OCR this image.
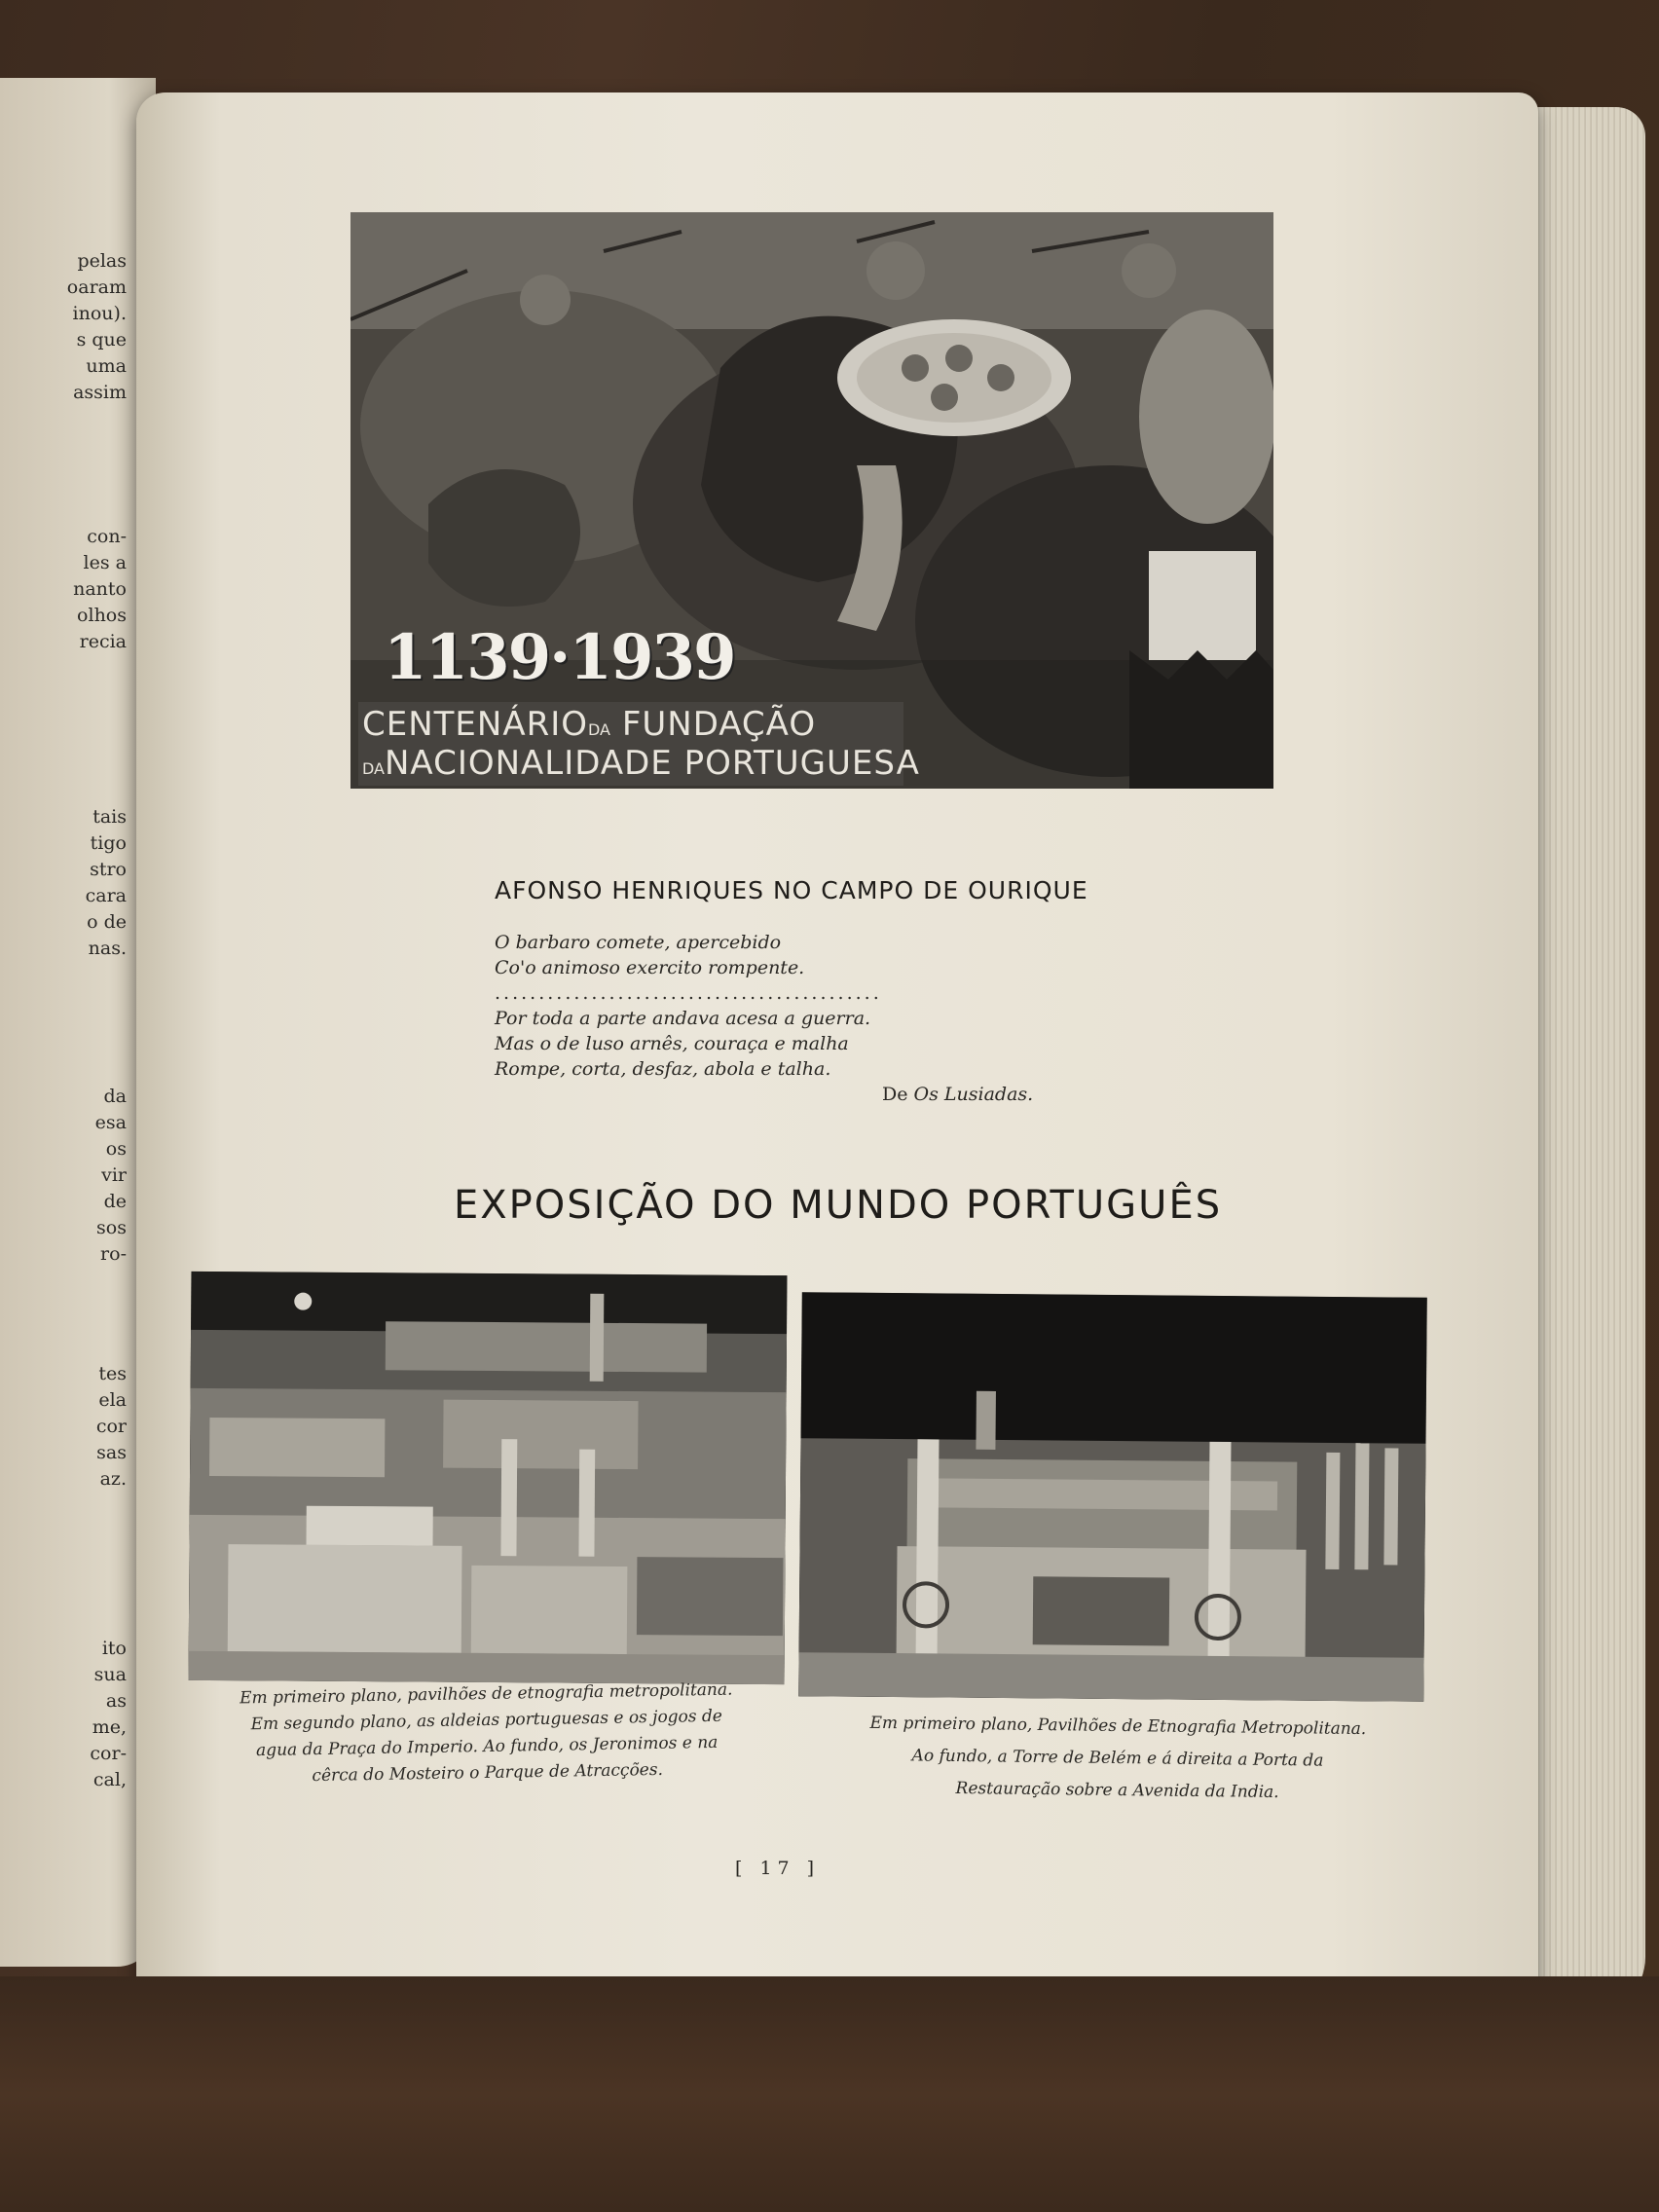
pelas
oaram
inou).
s que
uma
assim
con-
les a
nanto
olhos
recia
tais
tigo
stro
cara
o de
nas.
da
esa
os
vir
de
sos
ro-
tes
ela
cor
sas
az.
ito
sua
as
me,
cor-
cal,
1139·1939
CENTENÁRIODA FUNDAÇÃO
DANACIONALIDADE PORTUGUESA
AFONSO HENRIQUES NO CAMPO DE OURIQUE
O barbaro comete, apercebido
Co'o animoso exercito rompente.
............................................
Por toda a parte andava acesa a guerra.
Mas o de luso arnês, couraça e malha
Rompe, corta, desfaz, abola e talha.
De Os Lusiadas.
EXPOSIÇÃO DO MUNDO PORTUGUÊS
Em primeiro plano, pavilhões de etnografia metropolitana.
Em segundo plano, as aldeias portuguesas e os jogos de
agua da Praça do Imperio. Ao fundo, os Jeronimos e na
cêrca do Mosteiro o Parque de Atracções.
Em primeiro plano, Pavilhões de Etnografia Metropolitana.
Ao fundo, a Torre de Belém e á direita a Porta da
Restauração sobre a Avenida da India.
[ 17 ]
